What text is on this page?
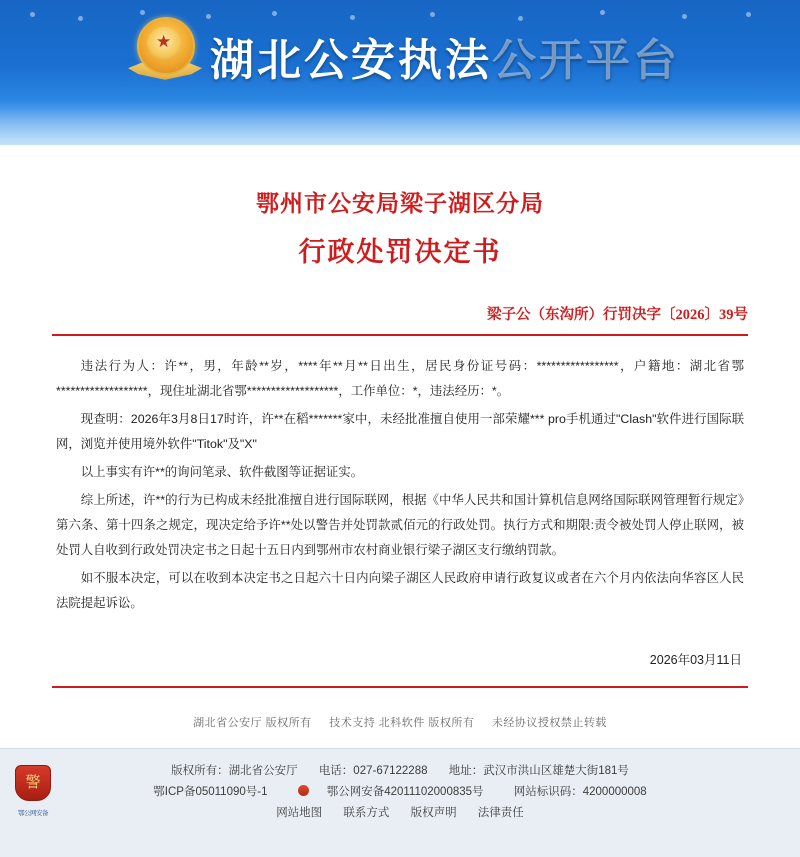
★ 湖北公安执法公开平台
鄂州市公安局梁子湖区分局
行政处罚决定书
梁子公（东沟所）行罚决字〔2026〕39号

违法行为人：许**，男，年龄**岁，****年**月**日出生，居民身份证号码：*****************，户籍地：湖北省鄂*******************，现住址湖北省鄂*******************，工作单位：*，违法经历：*。

现查明：2026年3月8日17时许，许**在稻*******家中，未经批准擅自使用一部荣耀*** pro手机通过"Clash"软件进行国际联网，浏览并使用境外软件"Titok"及"X"

以上事实有许**的询问笔录、软件截图等证据证实。

综上所述，许**的行为已构成未经批准擅自进行国际联网，根据《中华人民共和国计算机信息网络国际联网管理暂行规定》第六条、第十四条之规定，现决定给予许**处以警告并处罚款贰佰元的行政处罚。执行方式和期限:责令被处罚人停止联网，被处罚人自收到行政处罚决定书之日起十五日内到鄂州市农村商业银行梁子湖区支行缴纳罚款。

如不服本决定，可以在收到本决定书之日起六十日内向梁子湖区人民政府申请行政复议或者在六个月内依法向华容区人民法院提起诉讼。

2026年03月11日
湖北省公安厅 版权所有 技术支持 北科软件 版权所有 未经协议授权禁止转载
警
鄂公网安备
版权所有：湖北省公安厅 电话：027-67122288 地址：武汉市洪山区雄楚大街181号
鄂ICP备05011090号-1	鄂公网安备42011102000835号	网站标识码：4200000008
网站地图 联系方式 版权声明 法律责任
